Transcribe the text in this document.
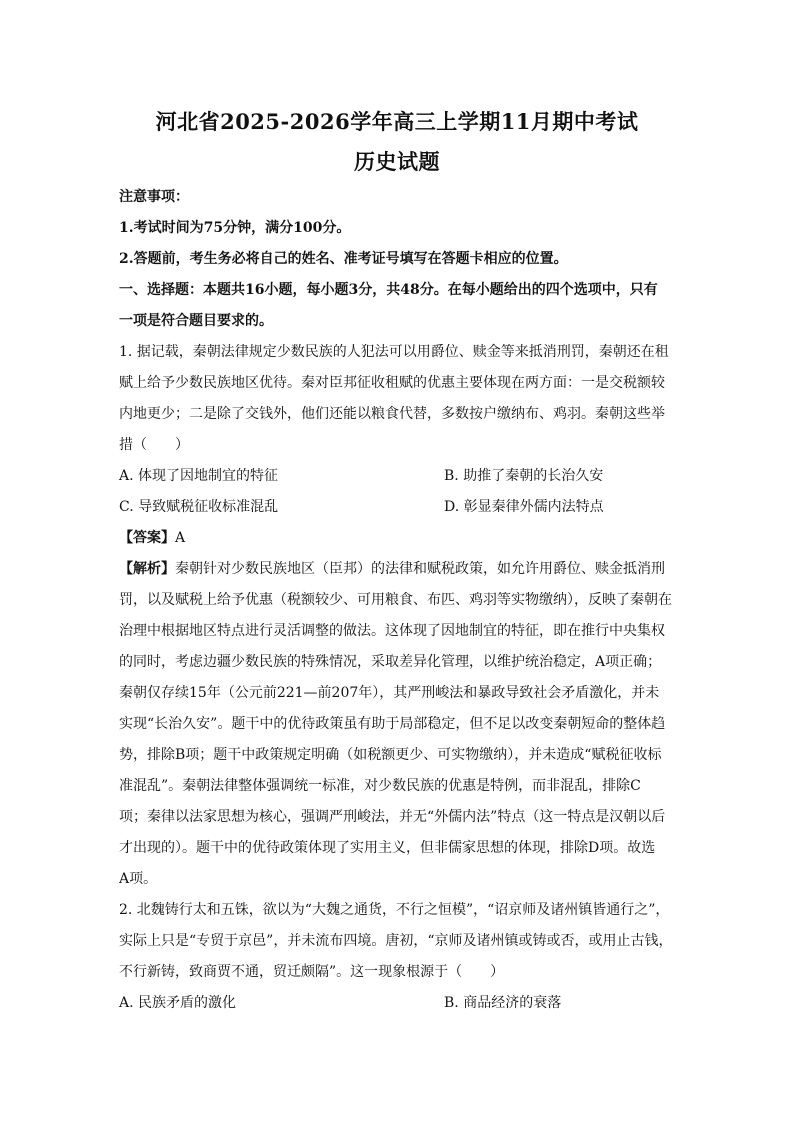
河北省2025-2026学年高三上学期11月期中考试
历史试题
注意事项：
1.考试时间为75分钟，满分100分。
2.答题前，考生务必将自己的姓名、准考证号填写在答题卡相应的位置。
一、选择题：本题共16小题，每小题3分，共48分。在每小题给出的四个选项中，只有
一项是符合题目要求的。
1. 据记载，秦朝法律规定少数民族的人犯法可以用爵位、赎金等来抵消刑罚，秦朝还在租
赋上给予少数民族地区优待。秦对臣邦征收租赋的优惠主要体现在两方面：一是交税额较
内地更少；二是除了交钱外，他们还能以粮食代替，多数按户缴纳布、鸡羽。秦朝这些举
措（　　）
A. 体现了因地制宜的特征	B. 助推了秦朝的长治久安
C. 导致赋税征收标准混乱	D. 彰显秦律外儒内法特点
【答案】A
【解析】秦朝针对少数民族地区（臣邦）的法律和赋税政策，如允许用爵位、赎金抵消刑
罚，以及赋税上给予优惠（税额较少、可用粮食、布匹、鸡羽等实物缴纳），反映了秦朝在
治理中根据地区特点进行灵活调整的做法。这体现了因地制宜的特征，即在推行中央集权
的同时，考虑边疆少数民族的特殊情况，采取差异化管理，以维护统治稳定，A项正确；
秦朝仅存续15年（公元前221—前207年），其严刑峻法和暴政导致社会矛盾激化，并未
实现“长治久安”。题干中的优待政策虽有助于局部稳定，但不足以改变秦朝短命的整体趋
势，排除B项；题干中政策规定明确（如税额更少、可实物缴纳），并未造成“赋税征收标
准混乱”。秦朝法律整体强调统一标准，对少数民族的优惠是特例，而非混乱，排除C
项；秦律以法家思想为核心，强调严刑峻法，并无“外儒内法”特点（这一特点是汉朝以后
才出现的）。题干中的优待政策体现了实用主义，但非儒家思想的体现，排除D项。故选
A项。
2. 北魏铸行太和五铢，欲以为“大魏之通货，不行之恒模”，“诏京师及诸州镇皆通行之”，
实际上只是“专贸于京邑”，并未流布四境。唐初，“京师及诸州镇或铸或否，或用止古钱，
不行新铸，致商贾不通，贸迁颇隔”。这一现象根源于（　　）
A. 民族矛盾的激化	B. 商品经济的衰落
